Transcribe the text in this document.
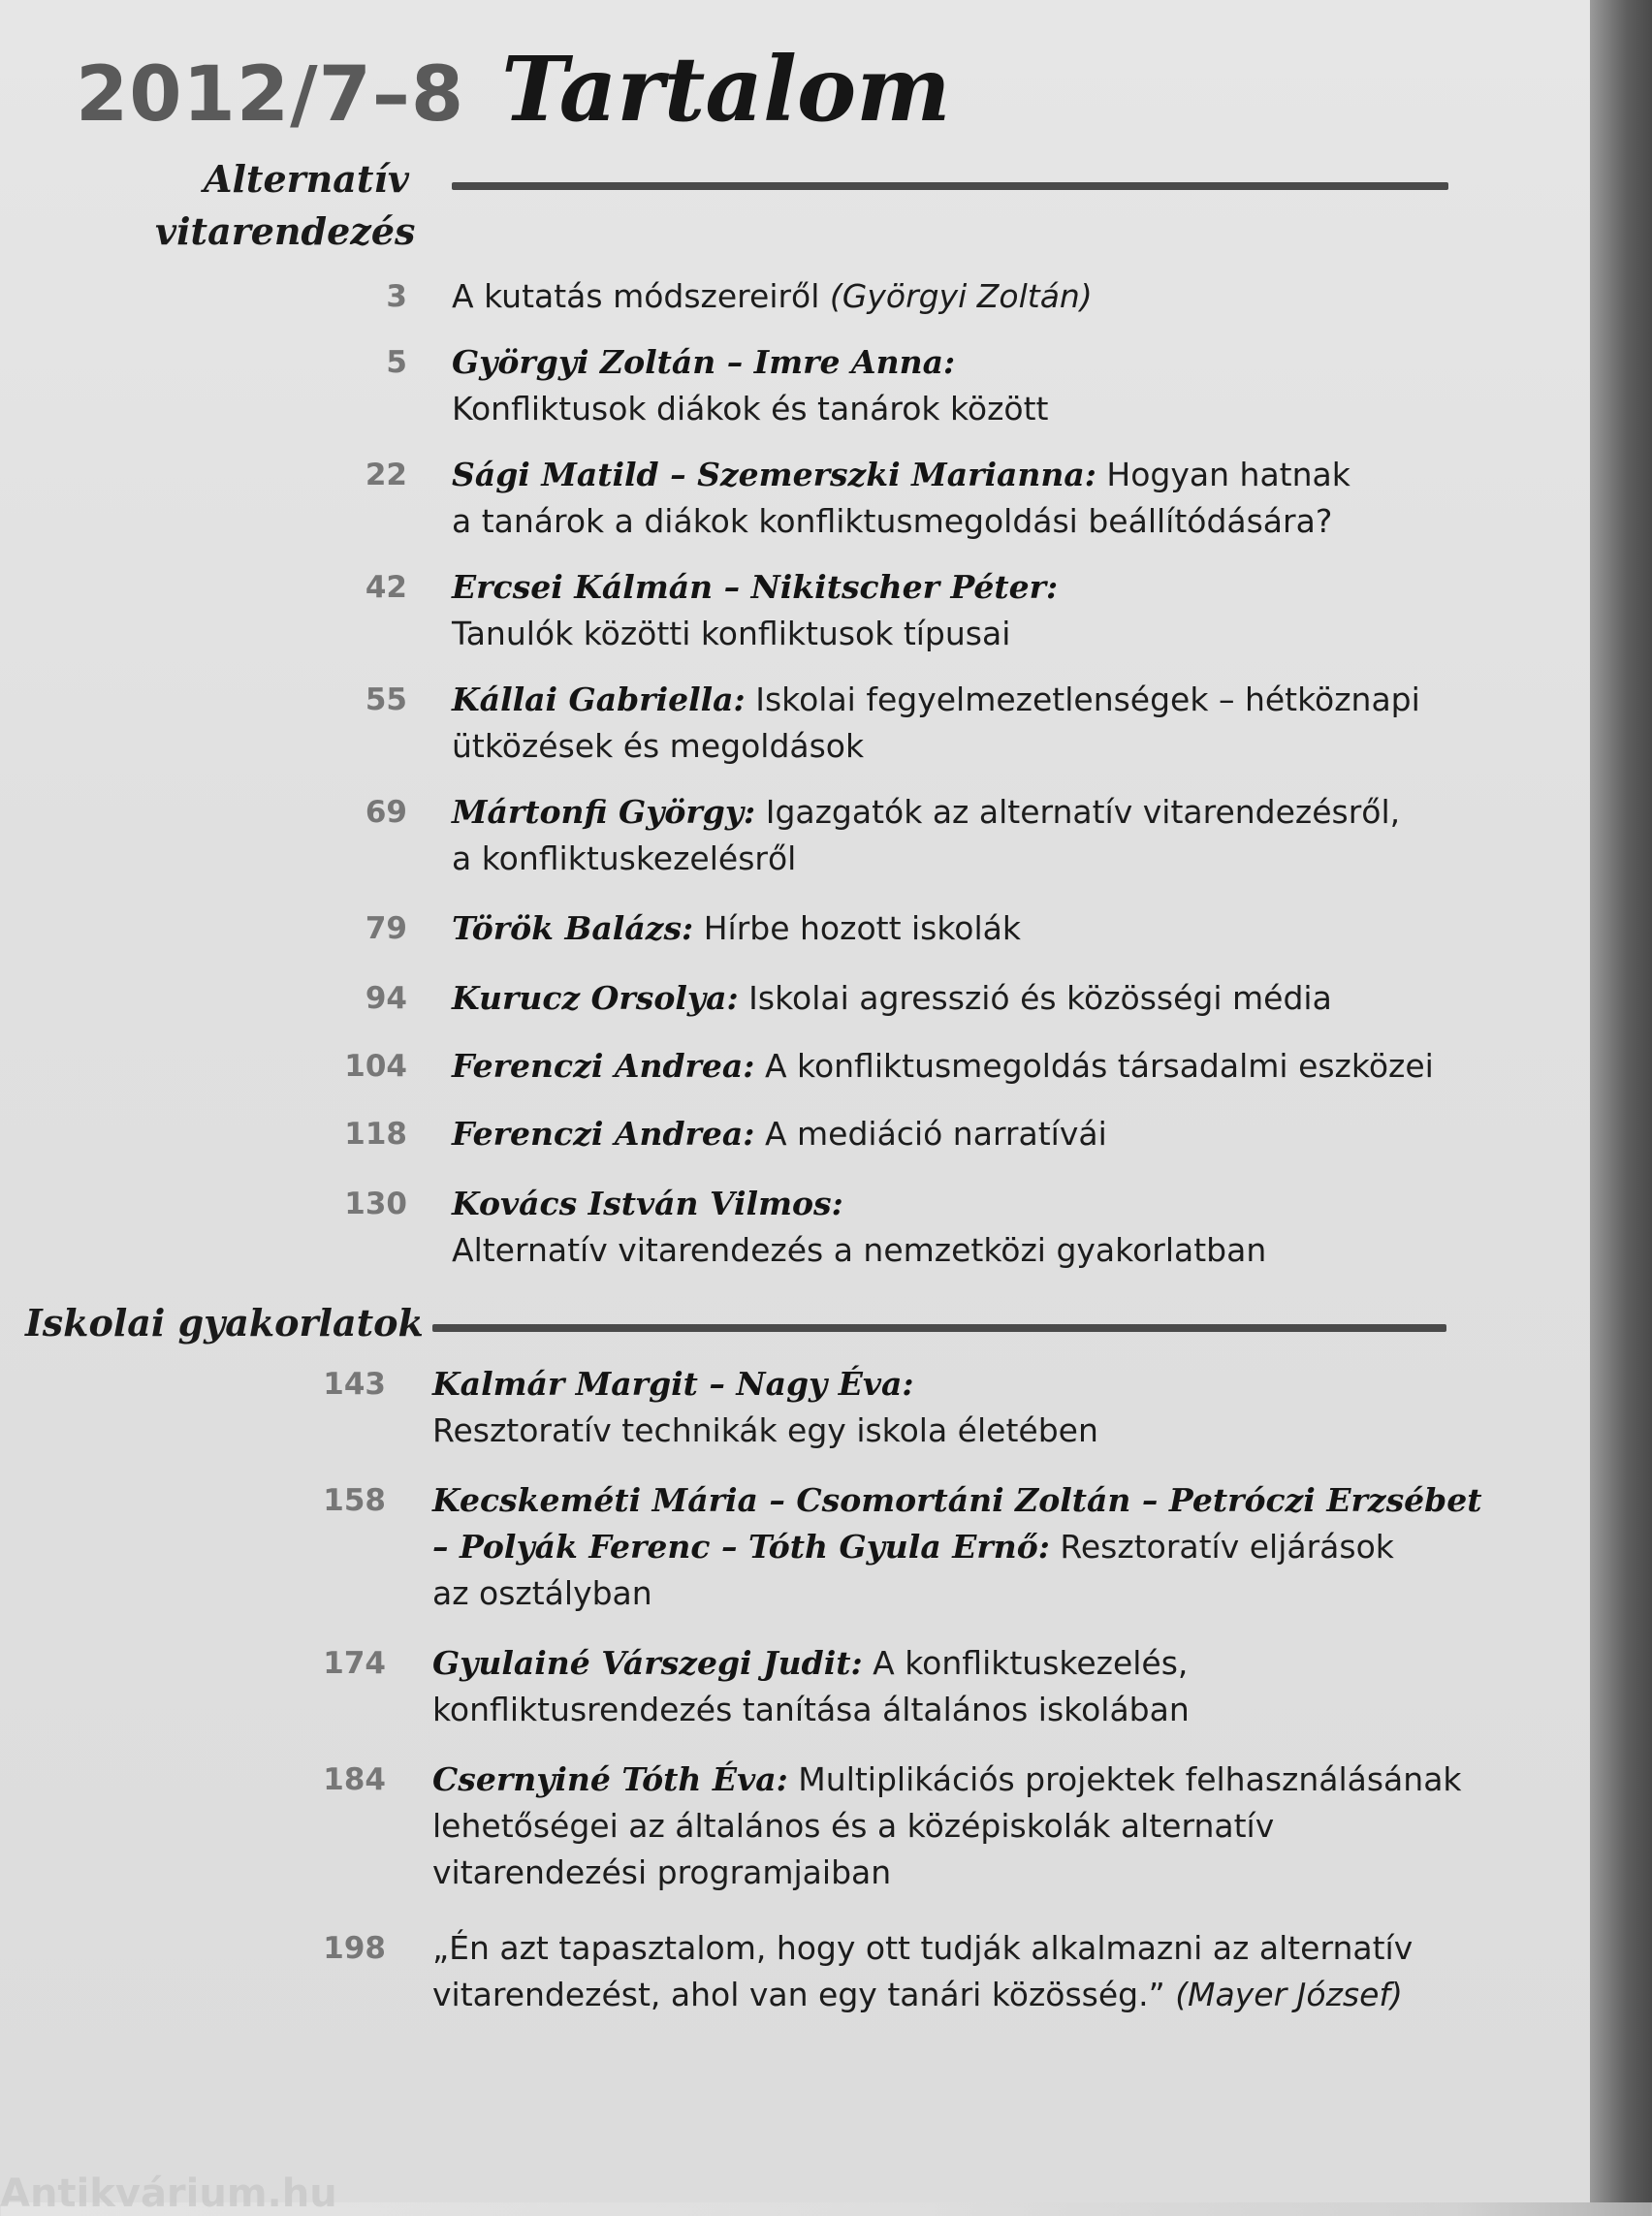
2012/7–8 Tartalom
Alternatív
vitarendezés
3 A kutatás módszereiről (Györgyi Zoltán)
5 Györgyi Zoltán – Imre Anna:
Konfliktusok diákok és tanárok között
22 Sági Matild – Szemerszki Marianna: Hogyan hatnak
a tanárok a diákok konfliktusmegoldási beállítódására?
42 Ercsei Kálmán – Nikitscher Péter:
Tanulók közötti konfliktusok típusai
55 Kállai Gabriella: Iskolai fegyelmezetlenségek – hétköznapi
ütközések és megoldások
69 Mártonfi György: Igazgatók az alternatív vitarendezésről,
a konfliktuskezelésről
79 Török Balázs: Hírbe hozott iskolák
94 Kurucz Orsolya: Iskolai agresszió és közösségi média
104 Ferenczi Andrea: A konfliktusmegoldás társadalmi eszközei
118 Ferenczi Andrea: A mediáció narratívái
130 Kovács István Vilmos:
Alternatív vitarendezés a nemzetközi gyakorlatban
Iskolai gyakorlatok
143 Kalmár Margit – Nagy Éva:
Resztoratív technikák egy iskola életében
158 Kecskeméti Mária – Csomortáni Zoltán – Petróczi Erzsébet
– Polyák Ferenc – Tóth Gyula Ernő: Resztoratív eljárások
az osztályban
174 Gyulainé Várszegi Judit: A konfliktuskezelés,
konfliktusrendezés tanítása általános iskolában
184 Csernyiné Tóth Éva: Multiplikációs projektek felhasználásának
lehetőségei az általános és a középiskolák alternatív
vitarendezési programjaiban
198 „Én azt tapasztalom, hogy ott tudják alkalmazni az alternatív
vitarendezést, ahol van egy tanári közösség.” (Mayer József)
Antikvárium.hu
